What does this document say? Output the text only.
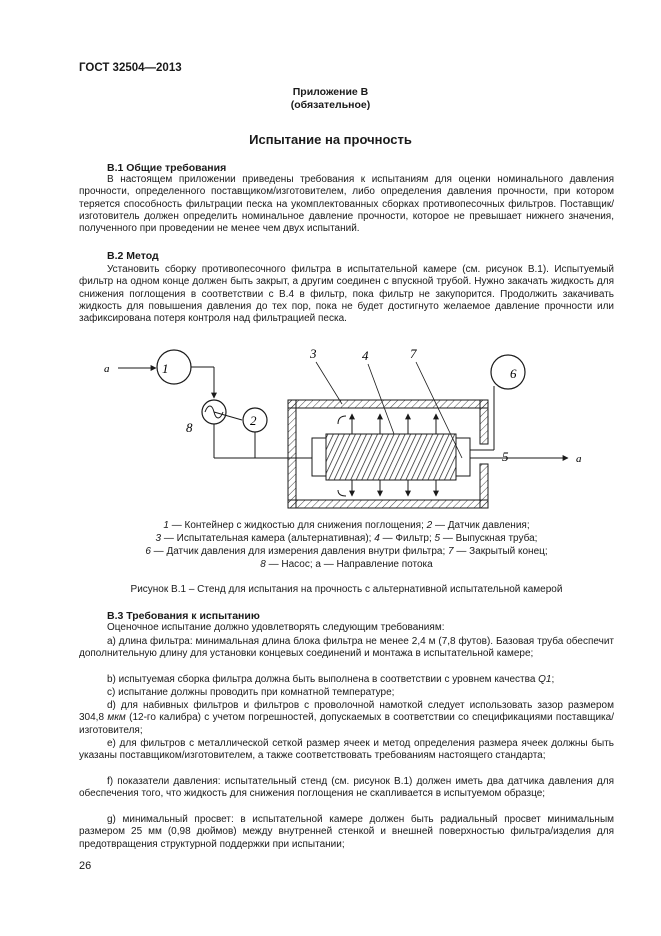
ГОСТ 32504—2013
Приложение В
(обязательное)
Испытание на прочность
В.1 Общие требования
В настоящем приложении приведены требования к испытаниям для оценки номинального давления прочности, определенного поставщиком/изготовителем, либо определения давления прочности, при котором теряется способность фильтрации песка на укомплектованных сборках противопесочных фильтров. Поставщик/изготовитель должен определить номинальное давление прочности, которое не превышает нижнего значения, полученного при проведении не менее чем двух испытаний.
В.2 Метод
Установить сборку противопесочного фильтра в испытательной камере (см. рисунок В.1). Испытуемый фильтр на одном конце должен быть закрыт, а другим соединен с впускной трубой. Нужно закачать жидкость для снижения поглощения в соответствии с В.4 в фильтр, пока фильтр не закупорится. Продолжить закачивать жидкость для повышения давления до тех пор, пока не будет достигнуто желаемое давление прочности или зафиксирована потеря контроля над фильтрацией песка.
а	1
8	2
3	4	7
5	а
6
1 — Контейнер с жидкостью для снижения поглощения; 2 — Датчик давления;
3 — Испытательная камера (альтернативная); 4 — Фильтр; 5 — Выпускная труба;
6 — Датчик давления для измерения давления внутри фильтра; 7 — Закрытый конец;
8 — Насос; а — Направление потока
Рисунок В.1 – Стенд для испытания на прочность с альтернативной испытательной камерой
В.3 Требования к испытанию
Оценочное испытание должно удовлетворять следующим требованиям:
а) длина фильтра: минимальная длина блока фильтра не менее 2,4 м (7,8 футов). Базовая труба обеспечит дополнительную длину для установки концевых соединений и монтажа в испытательной камере;
b) испытуемая сборка фильтра должна быть выполнена в соответствии с уровнем качества Q1;
с) испытание должны проводить при комнатной температуре;
d) для набивных фильтров и фильтров с проволочной намоткой следует использовать зазор размером 304,8 мкм (12-го калибра) с учетом погрешностей, допускаемых в соответствии со спецификациями поставщика/изготовителя;
е) для фильтров с металлической сеткой размер ячеек и метод определения размера ячеек должны быть указаны поставщиком/изготовителем, а также соответствовать требованиям настоящего стандарта;
f) показатели давления: испытательный стенд (см. рисунок В.1) должен иметь два датчика давления для обеспечения того, что жидкость для снижения поглощения не скапливается в испытуемом образце;
g) минимальный просвет: в испытательной камере должен быть радиальный просвет минимальным размером 25 мм (0,98 дюймов) между внутренней стенкой и внешней поверхностью фильтра/изделия для предотвращения структурной поддержки при испытании;
26
